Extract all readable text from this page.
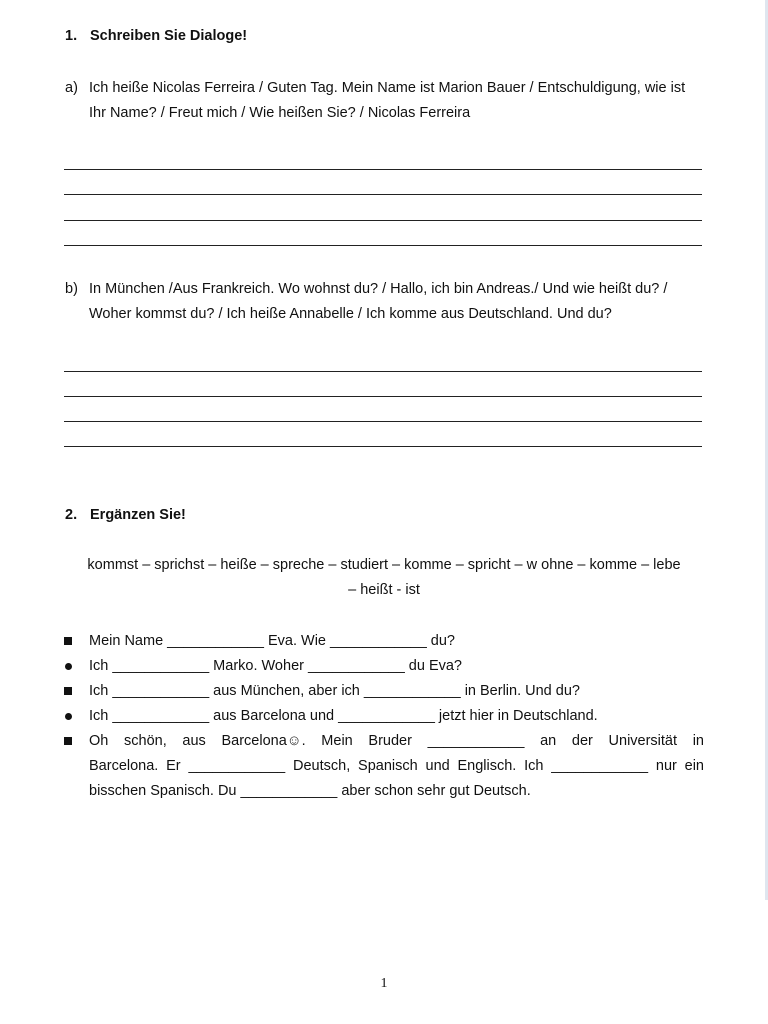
1. Schreiben Sie Dialoge!
a) Ich heiße Nicolas Ferreira / Guten Tag. Mein Name ist Marion Bauer / Entschuldigung, wie ist Ihr Name? / Freut mich / Wie heißen Sie? / Nicolas Ferreira
b) In München /Aus Frankreich. Wo wohnst du? / Hallo, ich bin Andreas./ Und wie heißt du? / Woher kommst du? / Ich heiße Annabelle / Ich komme aus Deutschland. Und du?
2. Ergänzen Sie!
kommst – sprichst – heiße – spreche – studiert – komme – spricht – w ohne – komme – lebe
– heißt - ist
Mein Name ____________ Eva. Wie ____________ du?
Ich ____________ Marko. Woher ____________ du Eva?
Ich ____________ aus München, aber ich ____________ in Berlin. Und du?
Ich ____________ aus Barcelona und ____________ jetzt hier in Deutschland.
Oh schön, aus Barcelona☺. Mein Bruder ____________ an der Universität in
Barcelona. Er ____________ Deutsch, Spanisch und Englisch. Ich ____________ nur ein
bisschen Spanisch. Du ____________ aber schon sehr gut Deutsch.
1
